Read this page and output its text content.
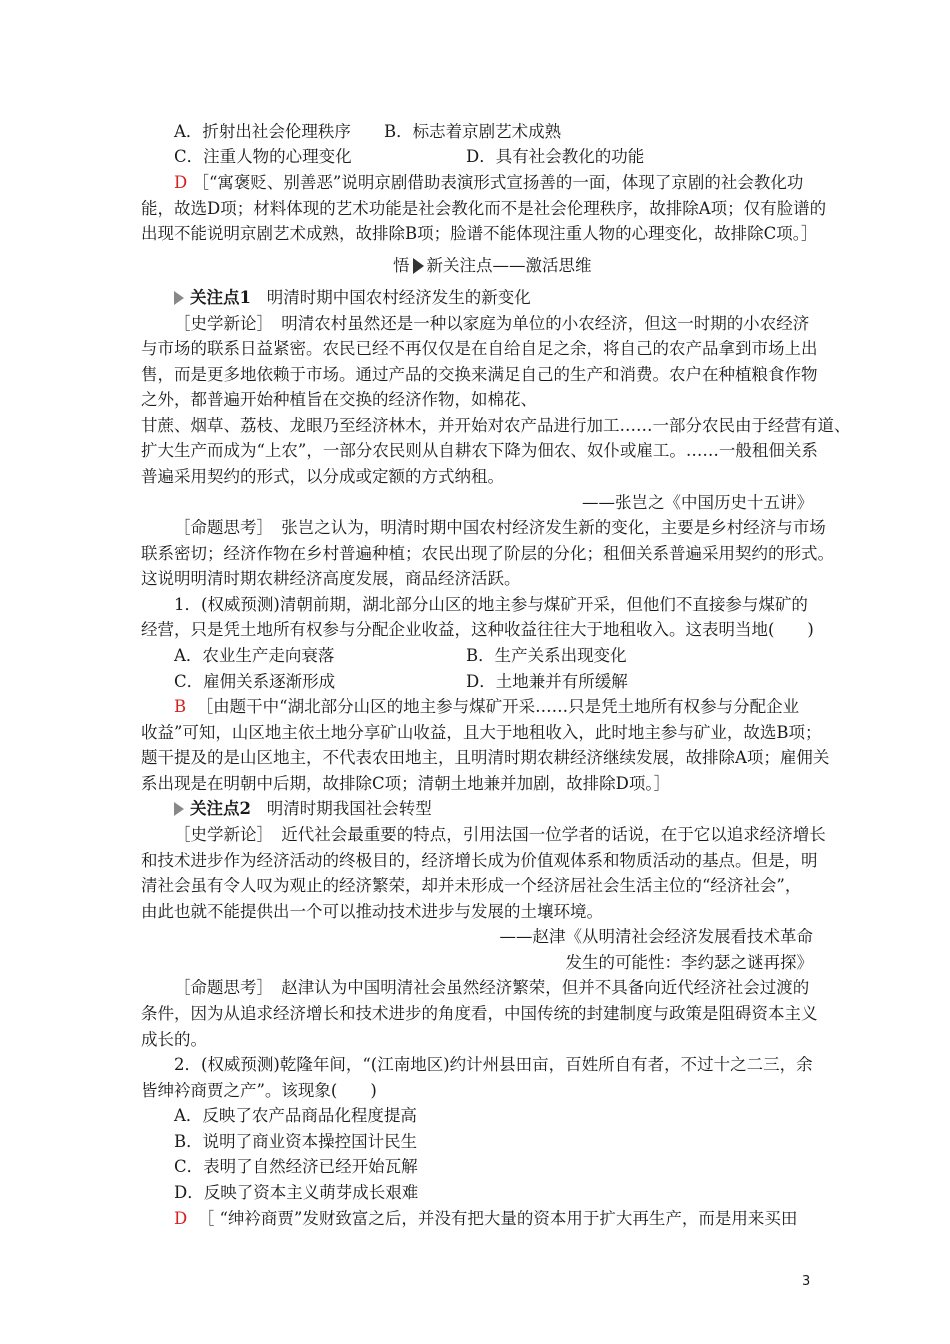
A．折射出社会伦理秩序 B．标志着京剧艺术成熟
C．注重人物的心理变化	D．具有社会教化的功能
D ［“寓褒贬、别善恶”说明京剧借助表演形式宣扬善的一面，体现了京剧的社会教化功
能，故选D项；材料体现的艺术功能是社会教化而不是社会伦理秩序，故排除A项；仅有脸谱的
出现不能说明京剧艺术成熟，故排除B项；脸谱不能体现注重人物的心理变化，故排除C项。］
悟 新关注点——激活思维
关注点1 明清时期中国农村经济发生的新变化
［史学新论］　明清农村虽然还是一种以家庭为单位的小农经济，但这一时期的小农经济
与市场的联系日益紧密。农民已经不再仅仅是在自给自足之余，将自己的农产品拿到市场上出
售，而是更多地依赖于市场。通过产品的交换来满足自己的生产和消费。农户在种植粮食作物
之外，都普遍开始种植旨在交换的经济作物，如棉花、
甘蔗、烟草、荔枝、龙眼乃至经济林木，并开始对农产品进行加工……一部分农民由于经营有道、
扩大生产而成为“上农”，一部分农民则从自耕农下降为佃农、奴仆或雇工。……一般租佃关系
普遍采用契约的形式，以分成或定额的方式纳租。
——张岂之《中国历史十五讲》
［命题思考］　张岂之认为，明清时期中国农村经济发生新的变化，主要是乡村经济与市场
联系密切；经济作物在乡村普遍种植；农民出现了阶层的分化；租佃关系普遍采用契约的形式。
这说明明清时期农耕经济高度发展，商品经济活跃。
1．(权威预测)清朝前期，湖北部分山区的地主参与煤矿开采，但他们不直接参与煤矿的
经营，只是凭土地所有权参与分配企业收益，这种收益往往大于地租收入。这表明当地(　　)
A．农业生产走向衰落	B．生产关系出现变化
C．雇佣关系逐渐形成	D．土地兼并有所缓解
B ［由题干中“湖北部分山区的地主参与煤矿开采……只是凭土地所有权参与分配企业
收益”可知，山区地主依土地分享矿山收益，且大于地租收入，此时地主参与矿业，故选B项；
题干提及的是山区地主，不代表农田地主，且明清时期农耕经济继续发展，故排除A项；雇佣关
系出现是在明朝中后期，故排除C项；清朝土地兼并加剧，故排除D项。］
关注点2 明清时期我国社会转型
［史学新论］　近代社会最重要的特点，引用法国一位学者的话说，在于它以追求经济增长
和技术进步作为经济活动的终极目的，经济增长成为价值观体系和物质活动的基点。但是，明
清社会虽有令人叹为观止的经济繁荣，却并未形成一个经济居社会生活主位的“经济社会”，
由此也就不能提供出一个可以推动技术进步与发展的土壤环境。
——赵津《从明清社会经济发展看技术革命
发生的可能性：李约瑟之谜再探》
［命题思考］　赵津认为中国明清社会虽然经济繁荣，但并不具备向近代经济社会过渡的
条件，因为从追求经济增长和技术进步的角度看，中国传统的封建制度与政策是阻碍资本主义
成长的。
2．(权威预测)乾隆年间，“(江南地区)约计州县田亩，百姓所自有者，不过十之二三，余
皆绅衿商贾之产”。该现象(　　)
A．反映了农产品商品化程度提高
B．说明了商业资本操控国计民生
C．表明了自然经济已经开始瓦解
D．反映了资本主义萌芽成长艰难
D ［ “绅衿商贾”发财致富之后，并没有把大量的资本用于扩大再生产，而是用来买田
3
